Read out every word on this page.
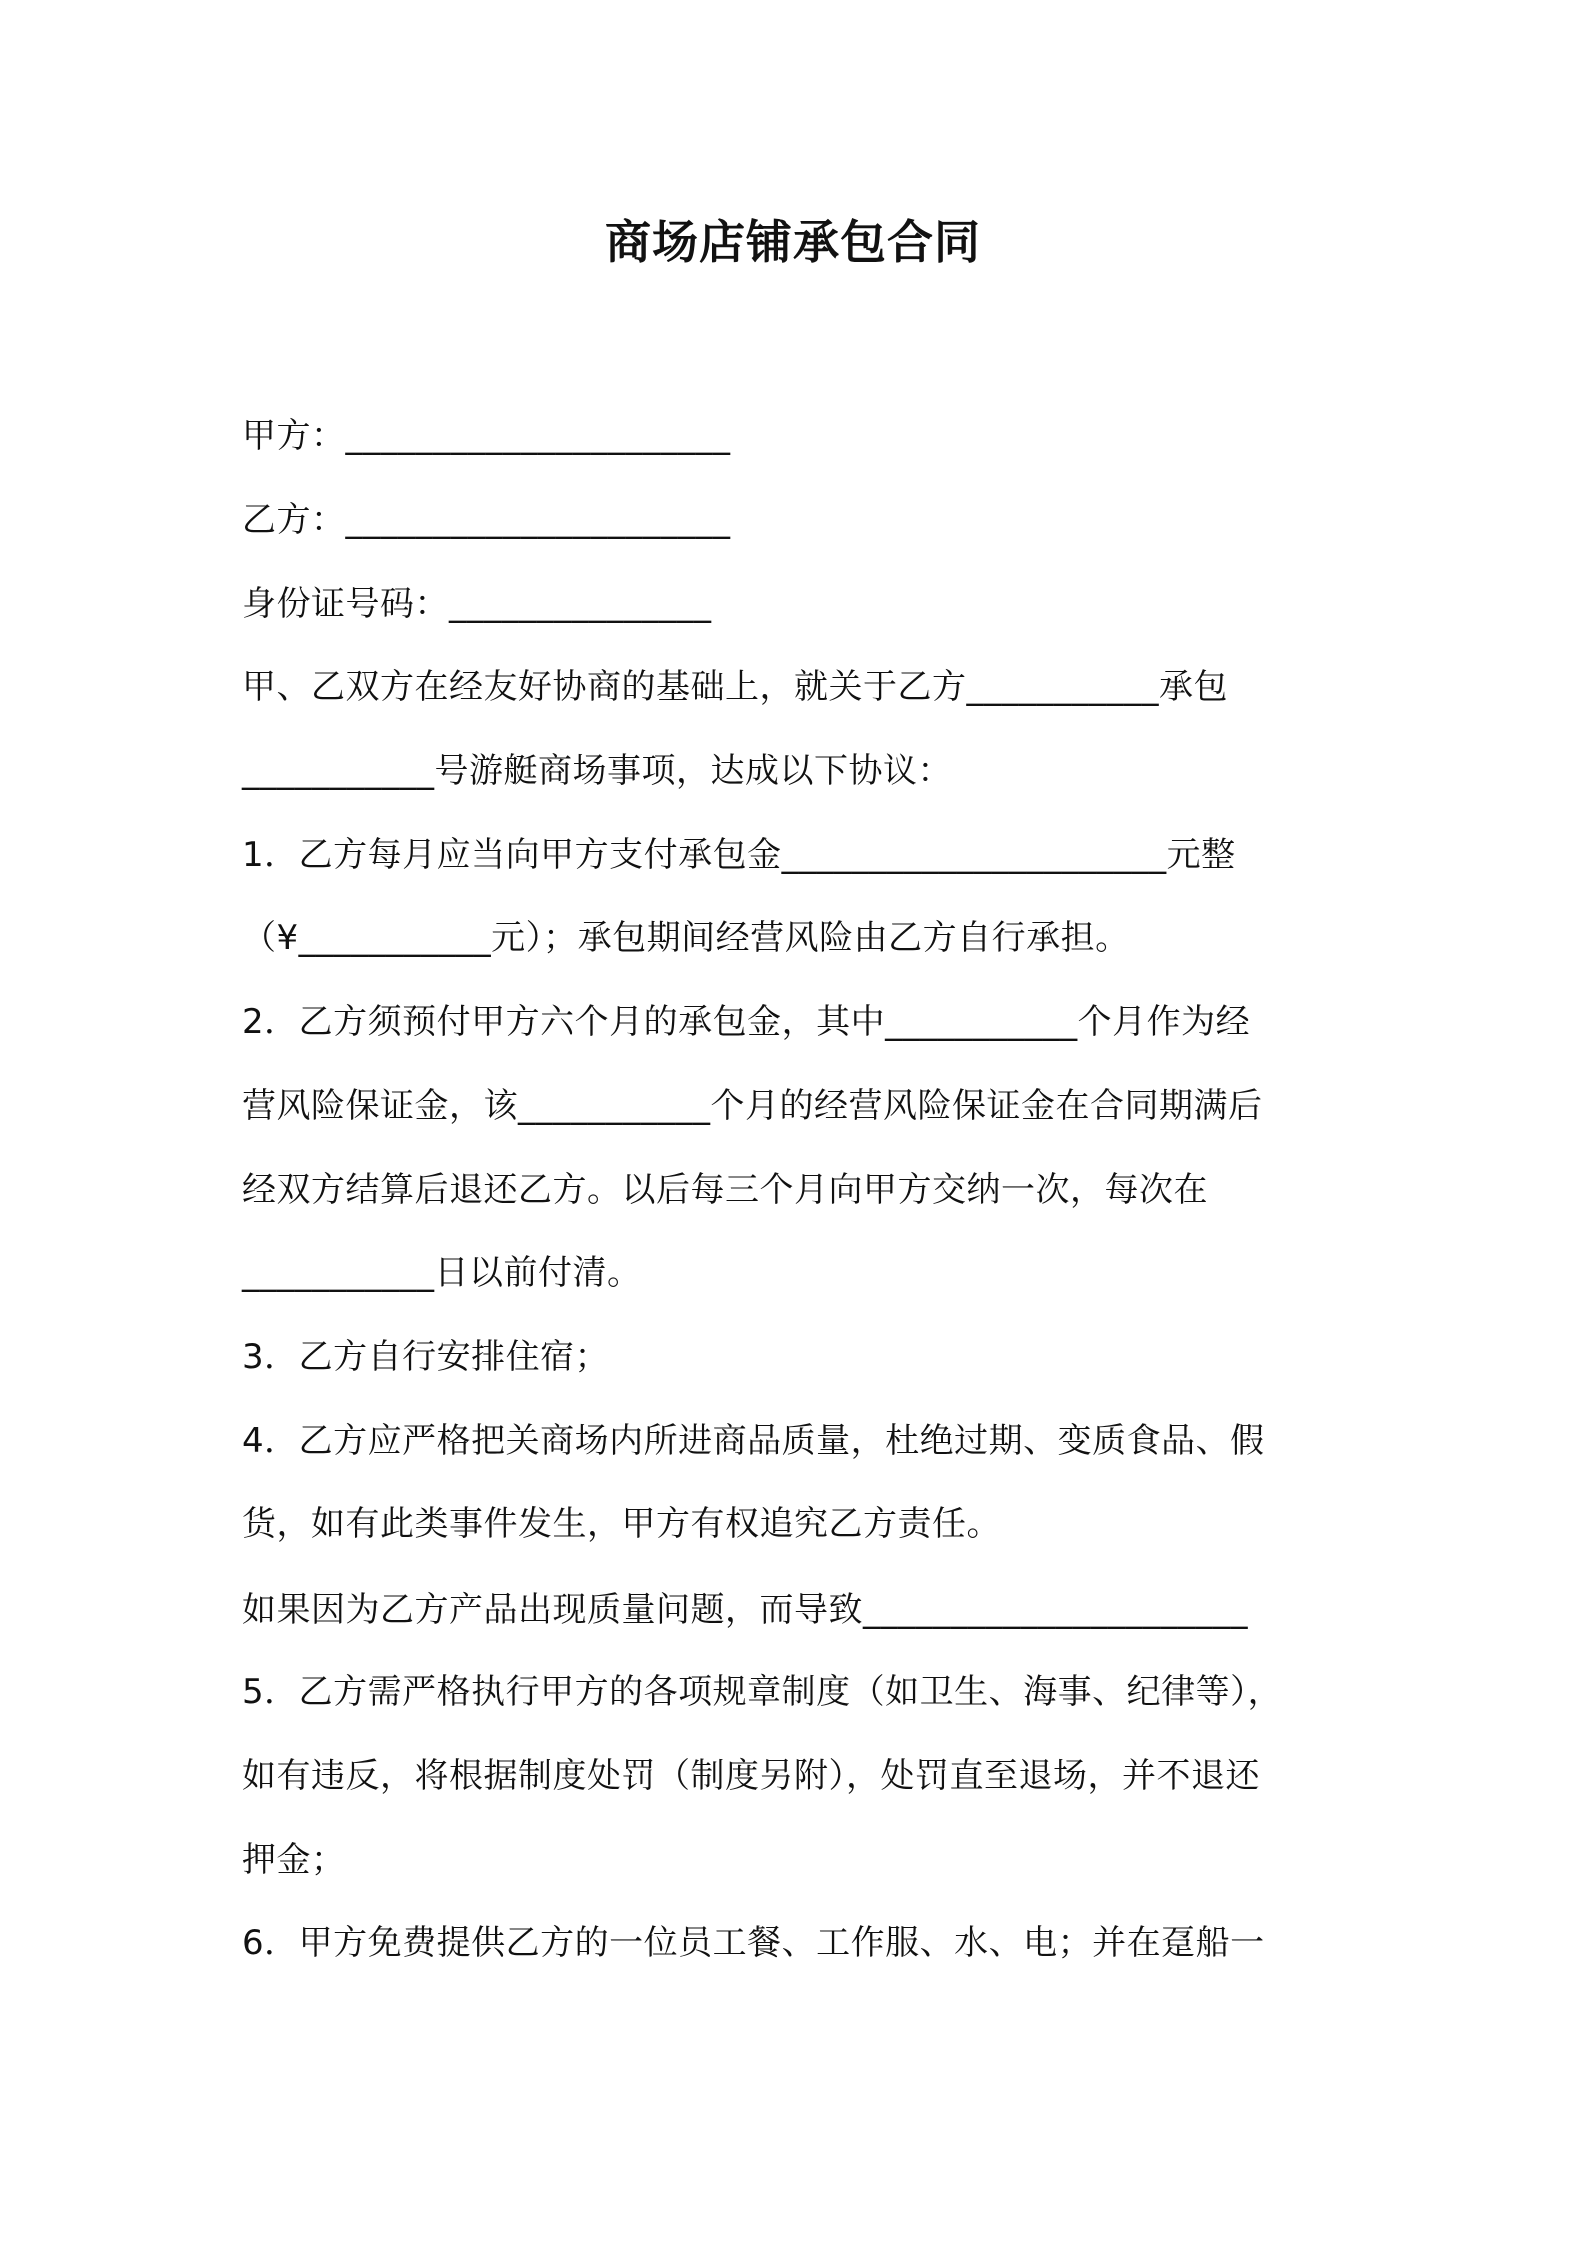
商场店铺承包合同
甲方：______________________
乙方：______________________
身份证号码：_______________
甲、乙双方在经友好协商的基础上，就关于乙方___________承包
___________号游艇商场事项，达成以下协议：
1．乙方每月应当向甲方支付承包金______________________元整
（¥___________元）；承包期间经营风险由乙方自行承担。
2．乙方须预付甲方六个月的承包金，其中___________个月作为经
营风险保证金，该___________个月的经营风险保证金在合同期满后
经双方结算后退还乙方。以后每三个月向甲方交纳一次，每次在
___________日以前付清。
3．乙方自行安排住宿；
4．乙方应严格把关商场内所进商品质量，杜绝过期、变质食品、假
货，如有此类事件发生，甲方有权追究乙方责任。
如果因为乙方产品出现质量问题，而导致______________________
5．乙方需严格执行甲方的各项规章制度（如卫生、海事、纪律等），
如有违反，将根据制度处罚（制度另附），处罚直至退场，并不退还
押金；
6．甲方免费提供乙方的一位员工餐、工作服、水、电；并在趸船一
